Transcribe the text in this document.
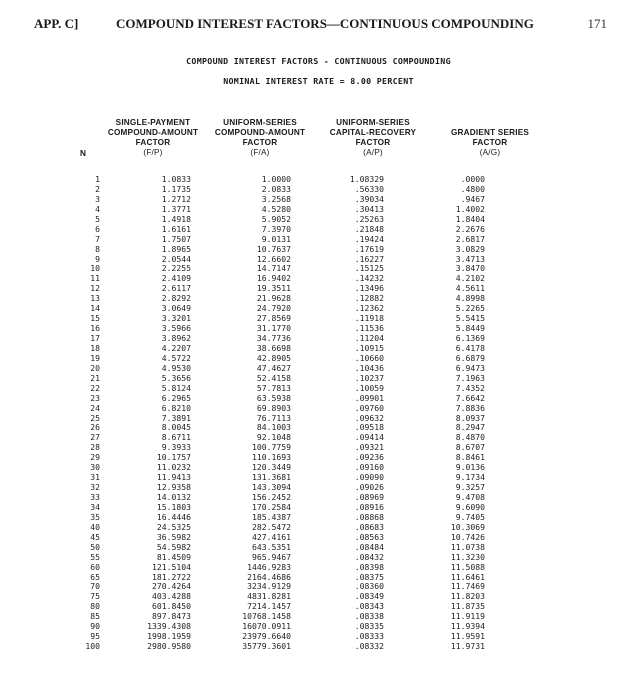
APP. C]	COMPOUND INTEREST FACTORS—CONTINUOUS COMPOUNDING	171
COMPOUND INTEREST FACTORS - CONTINUOUS COMPOUNDING
NOMINAL INTEREST RATE = 8.00 PERCENT
N
SINGLE-PAYMENT
COMPOUND-AMOUNT
FACTOR
(F/P)
UNIFORM-SERIES
COMPOUND-AMOUNT
FACTOR
(F/A)
UNIFORM-SERIES
CAPITAL-RECOVERY
FACTOR
(A/P)
GRADIENT SERIES
FACTOR
(A/G)
1	1.0833	1.0000	1.08329	.0000
2	1.1735	2.0833	.56330	.4800
3	1.2712	3.2568	.39034	.9467
4	1.3771	4.5280	.30413	1.4002
5	1.4918	5.9052	.25263	1.8404
6	1.6161	7.3970	.21848	2.2676
7	1.7507	9.0131	.19424	2.6817
8	1.8965	10.7637	.17619	3.0829
9	2.0544	12.6602	.16227	3.4713
10	2.2255	14.7147	.15125	3.8470
11	2.4109	16.9402	.14232	4.2102
12	2.6117	19.3511	.13496	4.5611
13	2.8292	21.9628	.12882	4.8998
14	3.0649	24.7920	.12362	5.2265
15	3.3201	27.8569	.11918	5.5415
16	3.5966	31.1770	.11536	5.8449
17	3.8962	34.7736	.11204	6.1369
18	4.2207	38.6698	.10915	6.4178
19	4.5722	42.8905	.10660	6.6879
20	4.9530	47.4627	.10436	6.9473
21	5.3656	52.4158	.10237	7.1963
22	5.8124	57.7813	.10059	7.4352
23	6.2965	63.5938	.09901	7.6642
24	6.8210	69.8903	.09760	7.8836
25	7.3891	76.7113	.09632	8.0937
26	8.0045	84.1003	.09518	8.2947
27	8.6711	92.1048	.09414	8.4870
28	9.3933	100.7759	.09321	8.6707
29	10.1757	110.1693	.09236	8.8461
30	11.0232	120.3449	.09160	9.0136
31	11.9413	131.3681	.09090	9.1734
32	12.9358	143.3094	.09026	9.3257
33	14.0132	156.2452	.08969	9.4708
34	15.1803	170.2584	.08916	9.6090
35	16.4446	185.4387	.08868	9.7405
40	24.5325	282.5472	.08683	10.3069
45	36.5982	427.4161	.08563	10.7426
50	54.5982	643.5351	.08484	11.0738
55	81.4509	965.9467	.08432	11.3230
60	121.5104	1446.9283	.08398	11.5088
65	181.2722	2164.4686	.08375	11.6461
70	270.4264	3234.9129	.08360	11.7469
75	403.4288	4831.8281	.08349	11.8203
80	601.8450	7214.1457	.08343	11.8735
85	897.8473	10768.1458	.08338	11.9119
90	1339.4308	16070.0911	.08335	11.9394
95	1998.1959	23979.6640	.08333	11.9591
100	2980.9580	35779.3601	.08332	11.9731
